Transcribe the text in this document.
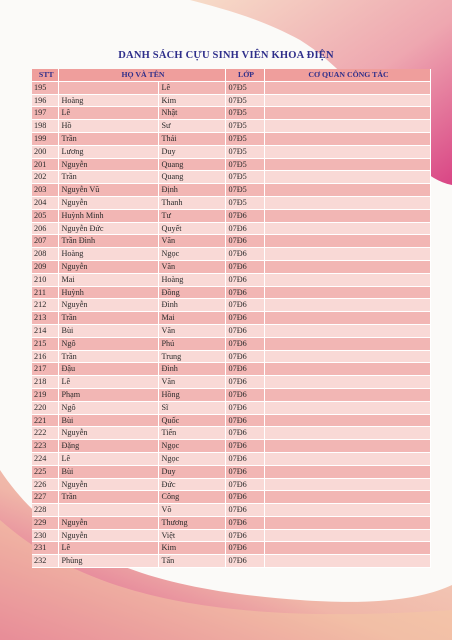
DANH SÁCH CỰU SINH VIÊN KHOA ĐIỆN
STT	HỌ VÀ TÊN		LỚP	CƠ QUAN CÔNG TÁC
195		Lê	07Đ5	
196	Hoàng	Kim	07Đ5	
197	Lê	Nhật	07Đ5	
198	Hồ	Sư	07Đ5	
199	Trần	Thái	07Đ5	
200	Lương	Duy	07Đ5	
201	Nguyễn	Quang	07Đ5	
202	Trần	Quang	07Đ5	
203	Nguyễn Vũ	Định	07Đ5	
204	Nguyễn	Thanh	07Đ5	
205	Huỳnh Minh	Tư	07Đ6	
206	Nguyễn Đức	Quyết	07Đ6	
207	Trần Đình	Văn	07Đ6	
208	Hoàng	Ngọc	07Đ6	
209	Nguyễn	Văn	07Đ6	
210	Mai	Hoàng	07Đ6	
211	Huỳnh	Đồng	07Đ6	
212	Nguyễn	Đình	07Đ6	
213	Trần	Mai	07Đ6	
214	Bùi	Văn	07Đ6	
215	Ngô	Phú	07Đ6	
216	Trần	Trung	07Đ6	
217	Đậu	Đình	07Đ6	
218	Lê	Văn	07Đ6	
219	Phạm	Hồng	07Đ6	
220	Ngô	Sĩ	07Đ6	
221	Bùi	Quốc	07Đ6	
222	Nguyễn	Tiến	07Đ6	
223	Đặng	Ngọc	07Đ6	
224	Lê	Ngọc	07Đ6	
225	Bùi	Duy	07Đ6	
226	Nguyễn	Đức	07Đ6	
227	Trần	Công	07Đ6	
228		Võ	07Đ6	
229	Nguyễn	Thương	07Đ6	
230	Nguyễn	Việt	07Đ6	
231	Lê	Kim	07Đ6	
232	Phùng	Tấn	07Đ6	
